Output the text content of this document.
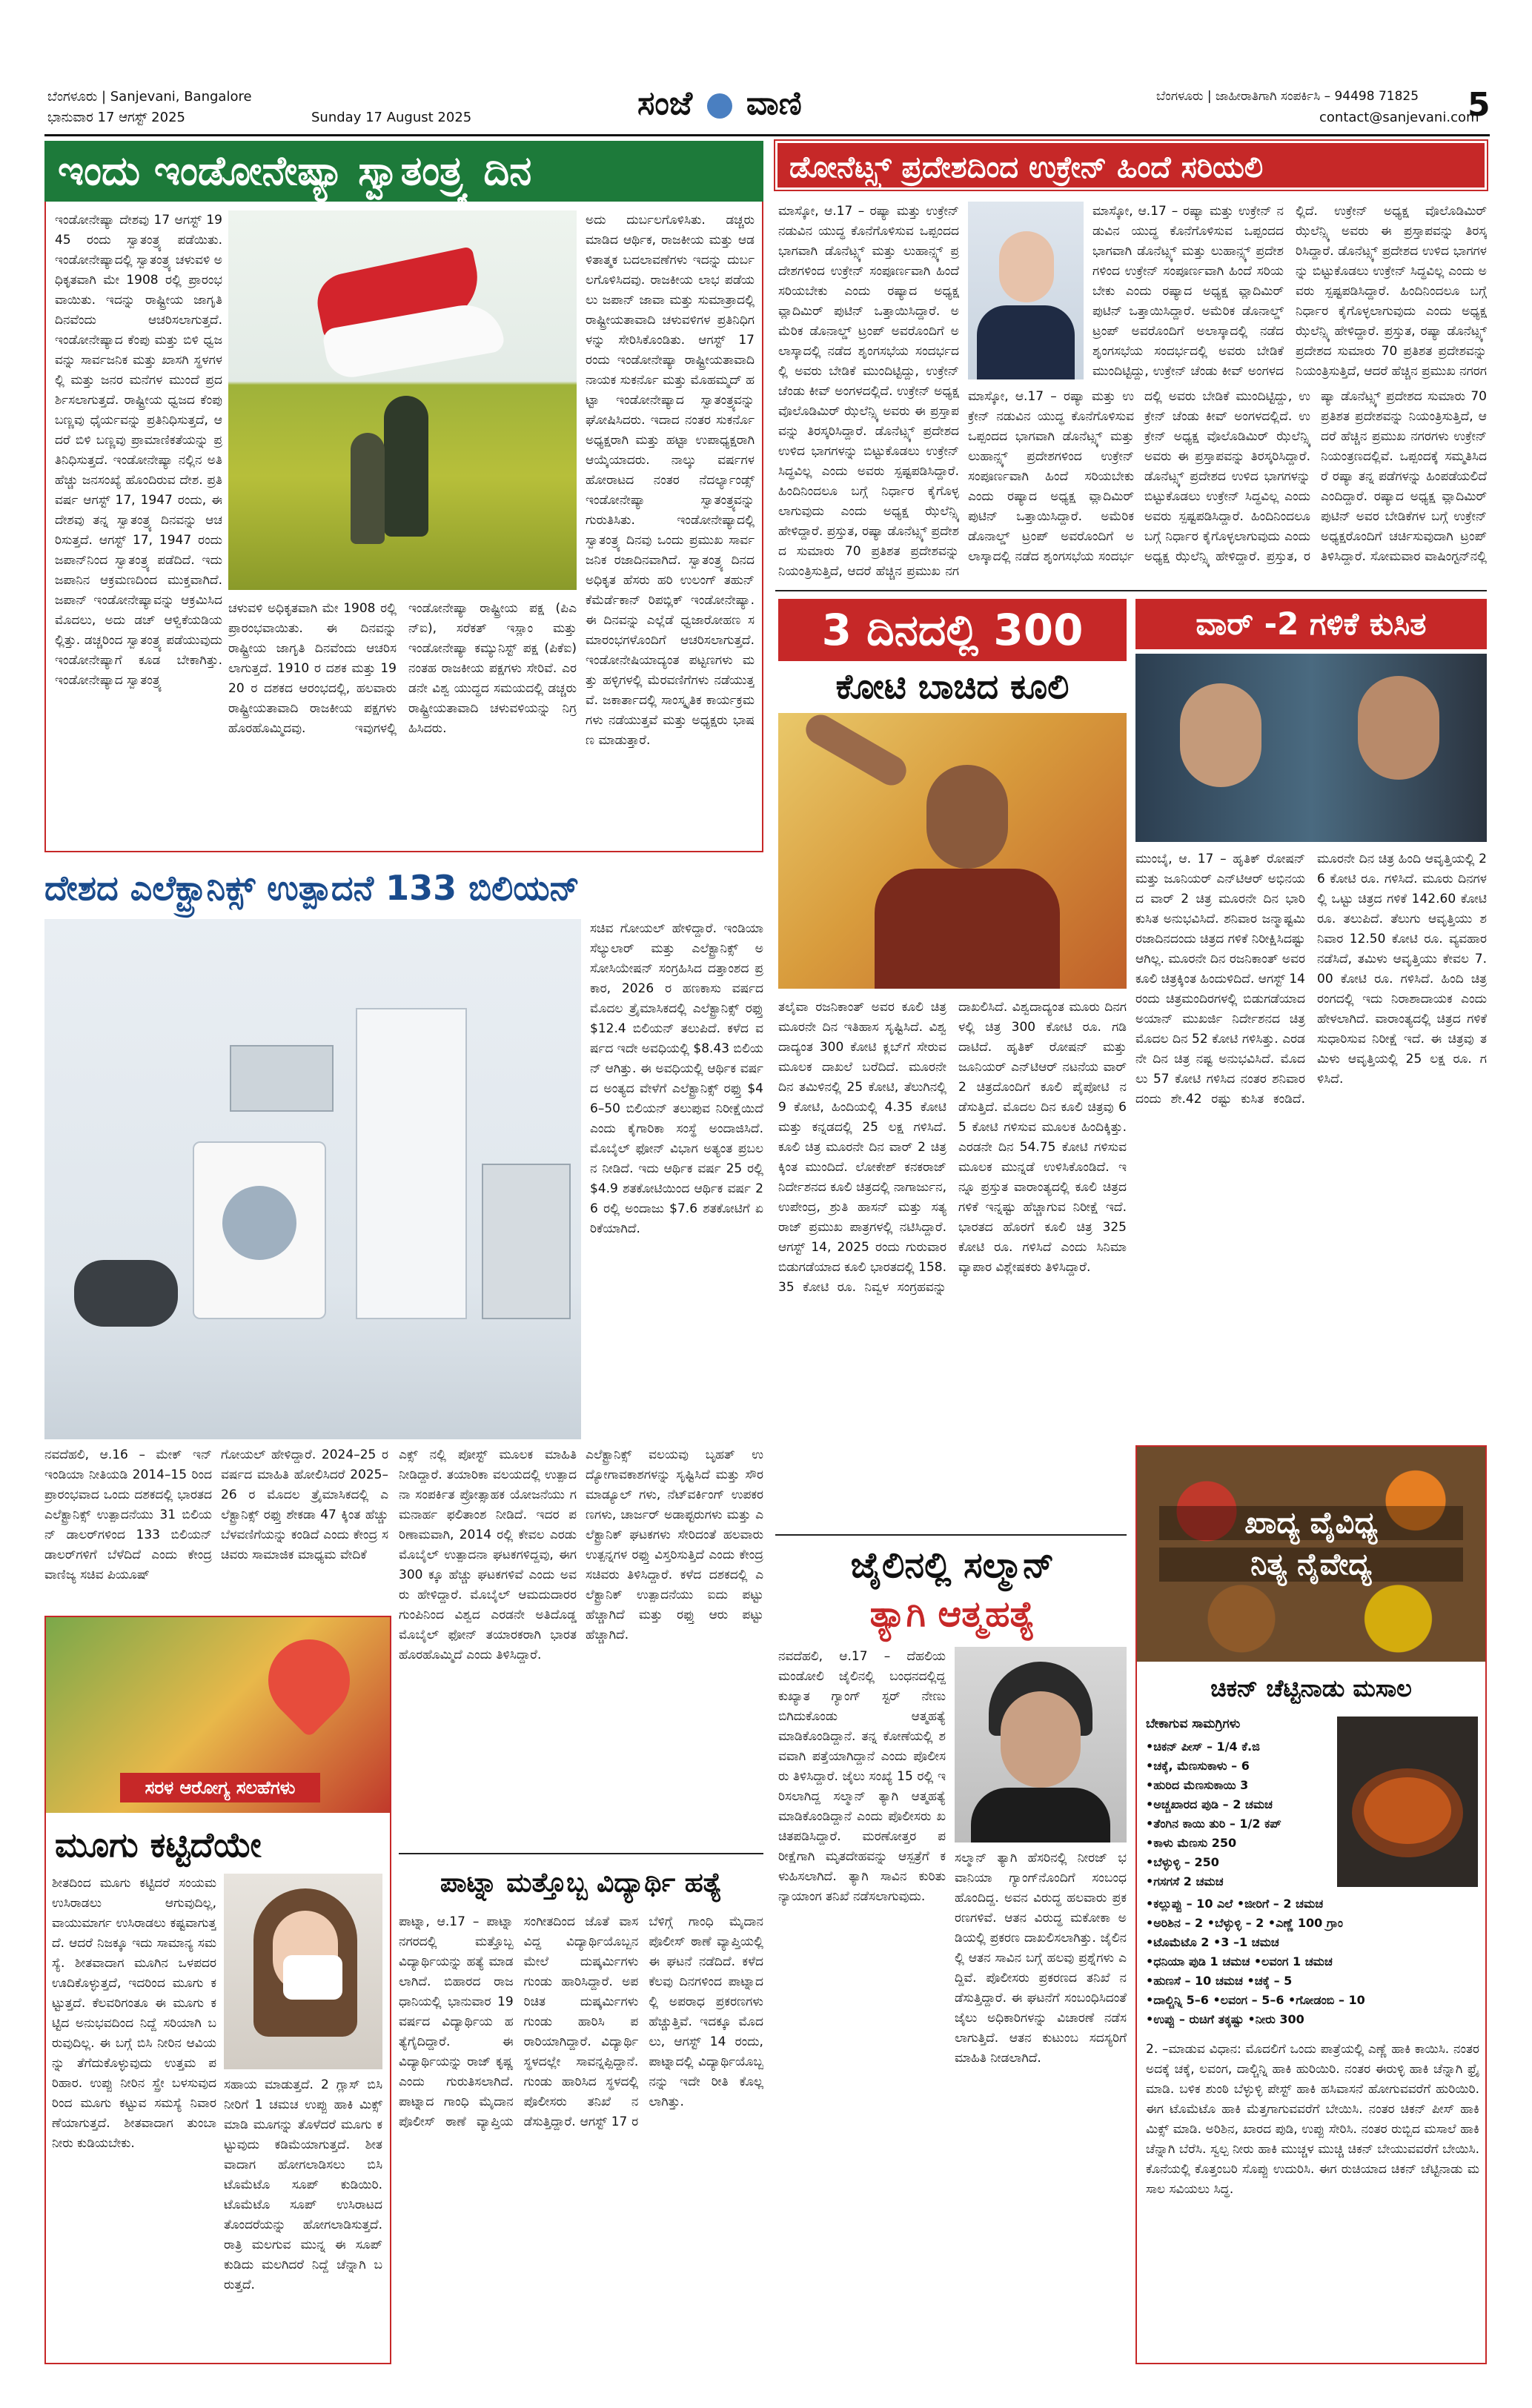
ಬೆಂಗಳೂರು | Sanjevani, Bangalore
ಭಾನುವಾರ 17 ಆಗಸ್ಟ್ 2025	Sunday 17 August 2025	ಸಂಜೆ ವಾಣಿ	ಬೆಂಗಳೂರು | ಜಾಹೀರಾತಿಗಾಗಿ ಸಂಪರ್ಕಿಸಿ – 94498 71825
contact@sanjevani.com
5
ಇಂದು ಇಂಡೋನೇಷ್ಯಾ ಸ್ವಾತಂತ್ರ್ಯ ದಿನ
ಇಂಡೋನೇಷ್ಯಾ ದೇಶವು 17 ಆಗಸ್ಟ್ 1945 ರಂದು ಸ್ವಾತಂತ್ರ್ಯ ಪಡೆಯಿತು. ಇಂಡೋನೇಷ್ಯಾದಲ್ಲಿ ಸ್ವಾತಂತ್ರ್ಯ ಚಳುವಳಿ ಅಧಿಕೃತವಾಗಿ ಮೇ 1908 ರಲ್ಲಿ ಪ್ರಾರಂಭವಾಯಿತು. ಇದನ್ನು ರಾಷ್ಟ್ರೀಯ ಜಾಗೃತಿ ದಿನವೆಂದು ಆಚರಿಸಲಾಗುತ್ತದೆ. ಇಂಡೋನೇಷ್ಯಾದ ಕೆಂಪು ಮತ್ತು ಬಿಳಿ ಧ್ವಜವನ್ನು ಸಾರ್ವಜನಿಕ ಮತ್ತು ಖಾಸಗಿ ಸ್ಥಳಗಳಲ್ಲಿ ಮತ್ತು ಜನರ ಮನೆಗಳ ಮುಂದೆ ಪ್ರದರ್ಶಿಸಲಾಗುತ್ತದೆ. ರಾಷ್ಟ್ರೀಯ ಧ್ವಜದ ಕೆಂಪು ಬಣ್ಣವು ಧೈರ್ಯವನ್ನು ಪ್ರತಿನಿಧಿಸುತ್ತದೆ, ಆದರೆ ಬಿಳಿ ಬಣ್ಣವು ಪ್ರಾಮಾಣಿಕತೆಯನ್ನು ಪ್ರತಿನಿಧಿಸುತ್ತದೆ. ಇಂಡೋನೇಷ್ಯಾ ನಲ್ಲಿನ ಅತಿ ಹೆಚ್ಚು ಜನಸಂಖ್ಯೆ ಹೊಂದಿರುವ ದೇಶ. ಪ್ರತಿ ವರ್ಷ ಆಗಸ್ಟ್ 17, 1947 ರಂದು, ಈ ದೇಶವು ತನ್ನ ಸ್ವಾತಂತ್ರ್ಯ ದಿನವನ್ನು ಆಚರಿಸುತ್ತದೆ. ಆಗಸ್ಟ್ 17, 1947 ರಂದು ಜಪಾನ್‌ನಿಂದ ಸ್ವಾತಂತ್ರ್ಯ ಪಡೆದಿದೆ. ಇದು ಜಪಾನಿನ ಆಕ್ರಮಣದಿಂದ ಮುಕ್ತವಾಗಿದೆ. ಜಪಾನ್ ಇಂಡೋನೇಷ್ಯಾವನ್ನು ಆಕ್ರಮಿಸಿದ ಮೊದಲು, ಅದು ಡಚ್ ಆಳ್ವಿಕೆಯಡಿಯಲ್ಲಿತ್ತು. ಡಚ್ಚರಿಂದ ಸ್ವಾತಂತ್ರ್ಯ ಪಡೆಯುವುದು ಇಂಡೋನೇಷ್ಯಾಗೆ ಕೂಡ ಬೇಕಾಗಿತ್ತು. ಇಂಡೋನೇಷ್ಯಾದ ಸ್ವಾತಂತ್ರ್ಯ
ಚಳುವಳಿ ಅಧಿಕೃತವಾಗಿ ಮೇ 1908 ರಲ್ಲಿ ಪ್ರಾರಂಭವಾಯಿತು. ಈ ದಿನವನ್ನು ರಾಷ್ಟ್ರೀಯ ಜಾಗೃತಿ ದಿನವೆಂದು ಆಚರಿಸಲಾಗುತ್ತದೆ. 1910 ರ ದಶಕ ಮತ್ತು 1920 ರ ದಶಕದ ಆರಂಭದಲ್ಲಿ, ಹಲವಾರು ರಾಷ್ಟ್ರೀಯತಾವಾದಿ ರಾಜಕೀಯ ಪಕ್ಷಗಳು ಹೊರಹೊಮ್ಮಿದವು. ಇವುಗಳಲ್ಲಿ ಇಂಡೋನೇಷ್ಯಾ ರಾಷ್ಟ್ರೀಯ ಪಕ್ಷ (ಪಿಎನ್ಐ), ಸರೆಕತ್ ಇಸ್ಲಾಂ ಮತ್ತು ಇಂಡೋನೇಷ್ಯಾ ಕಮ್ಯುನಿಸ್ಟ್ ಪಕ್ಷ (ಪಿಕೆಐ) ನಂತಹ ರಾಜಕೀಯ ಪಕ್ಷಗಳು ಸೇರಿವೆ. ಎರಡನೇ ವಿಶ್ವ ಯುದ್ಧದ ಸಮಯದಲ್ಲಿ ಡಚ್ಚರು ರಾಷ್ಟ್ರೀಯತಾವಾದಿ ಚಳುವಳಿಯನ್ನು ನಿಗ್ರಹಿಸಿದರು.
ಅದು ದುರ್ಬಲಗೊಳಿಸಿತು. ಡಚ್ಚರು ಮಾಡಿದ ಆರ್ಥಿಕ, ರಾಜಕೀಯ ಮತ್ತು ಆಡಳಿತಾತ್ಮಕ ಬದಲಾವಣೆಗಳು ಇದನ್ನು ದುರ್ಬಲಗೊಳಿಸಿದವು. ರಾಜಕೀಯ ಲಾಭ ಪಡೆಯಲು ಜಪಾನ್ ಜಾವಾ ಮತ್ತು ಸುಮಾತ್ರಾದಲ್ಲಿ ರಾಷ್ಟ್ರೀಯತಾವಾದಿ ಚಳುವಳಿಗಳ ಪ್ರತಿನಿಧಿಗಳನ್ನು ಸೇರಿಸಿಕೊಂಡಿತು. ಆಗಸ್ಟ್ 17 ರಂದು ಇಂಡೋನೇಷ್ಯಾ ರಾಷ್ಟ್ರೀಯತಾವಾದಿ ನಾಯಕ ಸುಕರ್ನೊ ಮತ್ತು ಮೊಹಮ್ಮದ್ ಹಟ್ಟಾ ಇಂಡೋನೇಷ್ಯಾದ ಸ್ವಾತಂತ್ರ್ಯವನ್ನು ಘೋಷಿಸಿದರು. ಇದಾದ ನಂತರ ಸುಕರ್ನೊ ಅಧ್ಯಕ್ಷರಾಗಿ ಮತ್ತು ಹಟ್ಟಾ ಉಪಾಧ್ಯಕ್ಷರಾಗಿ ಆಯ್ಕೆಯಾದರು. ನಾಲ್ಕು ವರ್ಷಗಳ ಹೋರಾಟದ ನಂತರ ನೆದರ್ಲ್ಯಾಂಡ್ಸ್ ಇಂಡೋನೇಷ್ಯಾ ಸ್ವಾತಂತ್ರ್ಯವನ್ನು ಗುರುತಿಸಿತು. ಇಂಡೋನೇಷ್ಯಾದಲ್ಲಿ ಸ್ವಾತಂತ್ರ್ಯ ದಿನವು ಒಂದು ಪ್ರಮುಖ ಸಾರ್ವಜನಿಕ ರಜಾದಿನವಾಗಿದೆ. ಸ್ವಾತಂತ್ರ್ಯ ದಿನದ ಅಧಿಕೃತ ಹೆಸರು ಹರಿ ಉಲಂಗ್ ತಹುನ್ ಕೆಮೆರ್ಡೆಕಾನ್ ರಿಪಬ್ಲಿಕ್ ಇಂಡೋನೇಷ್ಯಾ. ಈ ದಿನವನ್ನು ಎಲ್ಲೆಡೆ ಧ್ವಜಾರೋಹಣ ಸಮಾರಂಭಗಳೊಂದಿಗೆ ಆಚರಿಸಲಾಗುತ್ತದೆ. ಇಂಡೋನೇಷಿಯಾದ್ಯಂತ ಪಟ್ಟಣಗಳು ಮತ್ತು ಹಳ್ಳಿಗಳಲ್ಲಿ ಮೆರವಣಿಗೆಗಳು ನಡೆಯುತ್ತವೆ. ಜಕಾರ್ತಾದಲ್ಲಿ ಸಾಂಸ್ಕೃತಿಕ ಕಾರ್ಯಕ್ರಮಗಳು ನಡೆಯುತ್ತವೆ ಮತ್ತು ಅಧ್ಯಕ್ಷರು ಭಾಷಣ ಮಾಡುತ್ತಾರೆ.
ಡೋನೆಟ್ಸ್ಕ್ ಪ್ರದೇಶದಿಂದ ಉಕ್ರೇನ್ ಹಿಂದೆ ಸರಿಯಲಿ
ಮಾಸ್ಕೋ, ಆ.17 – ರಷ್ಯಾ ಮತ್ತು ಉಕ್ರೇನ್ ನಡುವಿನ ಯುದ್ಧ ಕೊನೆಗೊಳಿಸುವ ಒಪ್ಪಂದದ ಭಾಗವಾಗಿ ಡೊನೆಟ್ಸ್ಕ್ ಮತ್ತು ಲುಹಾನ್ಸ್ಕ್ ಪ್ರದೇಶಗಳಿಂದ ಉಕ್ರೇನ್ ಸಂಪೂರ್ಣವಾಗಿ ಹಿಂದೆ ಸರಿಯಬೇಕು ಎಂದು ರಷ್ಯಾದ ಅಧ್ಯಕ್ಷ ವ್ಲಾದಿಮಿರ್ ಪುಟಿನ್ ಒತ್ತಾಯಿಸಿದ್ದಾರೆ. ಅಮೆರಿಕ ಡೊನಾಲ್ಡ್ ಟ್ರಂಪ್ ಅವರೊಂದಿಗೆ ಅಲಾಸ್ಕಾದಲ್ಲಿ ನಡೆದ ಶೃಂಗಸಭೆಯ ಸಂದರ್ಭದಲ್ಲಿ ಅವರು ಬೇಡಿಕೆ ಮುಂದಿಟ್ಟಿದ್ದು, ಉಕ್ರೇನ್ ಚೆಂಡು ಕೀವ್ ಅಂಗಳದಲ್ಲಿದೆ. ಉಕ್ರೇನ್ ಅಧ್ಯಕ್ಷ ವೊಲೊಡಿಮಿರ್ ಝೆಲೆನ್ಸ್ಕಿ ಅವರು ಈ ಪ್ರಸ್ತಾಪವನ್ನು ತಿರಸ್ಕರಿಸಿದ್ದಾರೆ. ಡೊನೆಟ್ಸ್ಕ್ ಪ್ರದೇಶದ ಉಳಿದ ಭಾಗಗಳನ್ನು ಬಿಟ್ಟುಕೊಡಲು ಉಕ್ರೇನ್ ಸಿದ್ಧವಿಲ್ಲ ಎಂದು ಅವರು ಸ್ಪಷ್ಟಪಡಿಸಿದ್ದಾರೆ. ಹಿಂದಿನಿಂದಲೂ ಬಗ್ಗೆ ನಿರ್ಧಾರ ಕೈಗೊಳ್ಳಲಾಗುವುದು ಎಂದು ಅಧ್ಯಕ್ಷ ಝೆಲೆನ್ಸ್ಕಿ ಹೇಳಿದ್ದಾರೆ. ಪ್ರಸ್ತುತ, ರಷ್ಯಾ ಡೊನೆಟ್ಸ್ಕ್ ಪ್ರದೇಶದ ಸುಮಾರು 70 ಪ್ರತಿಶತ ಪ್ರದೇಶವನ್ನು ನಿಯಂತ್ರಿಸುತ್ತಿದೆ, ಆದರೆ ಹೆಚ್ಚಿನ ಪ್ರಮುಖ ನಗ
ಮಾಸ್ಕೋ, ಆ.17 – ರಷ್ಯಾ ಮತ್ತು ಉಕ್ರೇನ್ ನಡುವಿನ ಯುದ್ಧ ಕೊನೆಗೊಳಿಸುವ ಒಪ್ಪಂದದ ಭಾಗವಾಗಿ ಡೊನೆಟ್ಸ್ಕ್ ಮತ್ತು ಲುಹಾನ್ಸ್ಕ್ ಪ್ರದೇಶಗಳಿಂದ ಉಕ್ರೇನ್ ಸಂಪೂರ್ಣವಾಗಿ ಹಿಂದೆ ಸರಿಯಬೇಕು ಎಂದು ರಷ್ಯಾದ ಅಧ್ಯಕ್ಷ ವ್ಲಾದಿಮಿರ್ ಪುಟಿನ್ ಒತ್ತಾಯಿಸಿದ್ದಾರೆ. ಅಮೆರಿಕ ಡೊನಾಲ್ಡ್ ಟ್ರಂಪ್ ಅವರೊಂದಿಗೆ ಅಲಾಸ್ಕಾದಲ್ಲಿ ನಡೆದ ಶೃಂಗಸಭೆಯ ಸಂದರ್ಭದಲ್ಲಿ ಅವರು ಬೇಡಿಕೆ ಮುಂದಿಟ್ಟಿದ್ದು, ಉಕ್ರೇನ್ ಚೆಂಡು ಕೀವ್ ಅಂಗಳದಲ್ಲಿದೆ. ಉಕ್ರೇನ್ ಅಧ್ಯಕ್ಷ ವೊಲೊಡಿಮಿರ್ ಝೆಲೆನ್ಸ್ಕಿ ಅವರು ಈ ಪ್ರಸ್ತಾಪವನ್ನು ತಿರಸ್ಕರಿಸಿದ್ದಾರೆ. ಡೊನೆಟ್ಸ್ಕ್ ಪ್ರದೇಶದ ಉಳಿದ ಭಾಗಗಳನ್ನು ಬಿಟ್ಟುಕೊಡಲು ಉಕ್ರೇನ್ ಸಿದ್ಧವಿಲ್ಲ ಎಂದು ಅವರು ಸ್ಪಷ್ಟಪಡಿಸಿದ್ದಾರೆ. ಹಿಂದಿನಿಂದಲೂ ಬಗ್ಗೆ ನಿರ್ಧಾರ ಕೈಗೊಳ್ಳಲಾಗುವುದು ಎಂದು ಅಧ್ಯಕ್ಷ ಝೆಲೆನ್ಸ್ಕಿ ಹೇಳಿದ್ದಾರೆ. ಪ್ರಸ್ತುತ, ರಷ್ಯಾ ಡೊನೆಟ್ಸ್ಕ್ ಪ್ರದೇಶದ ಸುಮಾರು 70 ಪ್ರತಿಶತ ಪ್ರದೇಶವನ್ನು ನಿಯಂತ್ರಿಸುತ್ತಿದೆ, ಆದರೆ ಹೆಚ್ಚಿನ ಪ್ರಮುಖ ನಗರಗಳು ಉಕ್ರೇನ್ ನಿಯಂತ್ರಣದಲ್ಲಿವೆ. ಒಪ್ಪಂದಕ್ಕೆ ಸಮ್ಮತಿಸಿದರೆ ರಷ್ಯಾ ತನ್ನ ಪಡೆಗಳನ್ನು ಹಿಂಪಡೆಯಲಿದೆ ಎಂದಿದ್ದಾರೆ. ರಷ್ಯಾದ ಅಧ್ಯಕ್ಷ ವ್ಲಾದಿಮಿರ್ ಪುಟಿನ್ ಅವರ ಬೇಡಿಕೆಗಳ ಬಗ್ಗೆ ಉಕ್ರೇನ್ ಅಧ್ಯಕ್ಷರೊಂದಿಗೆ ಚರ್ಚಿಸುವುದಾಗಿ ಟ್ರಂಪ್ ತಿಳಿಸಿದ್ದಾರೆ. ಸೋಮವಾರ ವಾಷಿಂಗ್ಟನ್‌ನಲ್ಲಿ
ಮಾಸ್ಕೋ, ಆ.17 – ರಷ್ಯಾ ಮತ್ತು ಉಕ್ರೇನ್ ನಡುವಿನ ಯುದ್ಧ ಕೊನೆಗೊಳಿಸುವ ಒಪ್ಪಂದದ ಭಾಗವಾಗಿ ಡೊನೆಟ್ಸ್ಕ್ ಮತ್ತು ಲುಹಾನ್ಸ್ಕ್ ಪ್ರದೇಶಗಳಿಂದ ಉಕ್ರೇನ್ ಸಂಪೂರ್ಣವಾಗಿ ಹಿಂದೆ ಸರಿಯಬೇಕು ಎಂದು ರಷ್ಯಾದ ಅಧ್ಯಕ್ಷ ವ್ಲಾದಿಮಿರ್ ಪುಟಿನ್ ಒತ್ತಾಯಿಸಿದ್ದಾರೆ. ಅಮೆರಿಕ ಡೊನಾಲ್ಡ್ ಟ್ರಂಪ್ ಅವರೊಂದಿಗೆ ಅಲಾಸ್ಕಾದಲ್ಲಿ ನಡೆದ ಶೃಂಗಸಭೆಯ ಸಂದರ್ಭದಲ್ಲಿ ಅವರು ಬೇಡಿಕೆ ಮುಂದಿಟ್ಟಿದ್ದು, ಉಕ್ರೇನ್ ಚೆಂಡು ಕೀವ್ ಅಂಗಳದಲ್ಲಿದೆ. ಉಕ್ರೇನ್ ಅಧ್ಯಕ್ಷ ವೊಲೊಡಿಮಿರ್ ಝೆಲೆನ್ಸ್ಕಿ ಅವರು ಈ ಪ್ರಸ್ತಾಪವನ್ನು ತಿರಸ್ಕರಿಸಿದ್ದಾರೆ. ಡೊನೆಟ್ಸ್ಕ್ ಪ್ರದೇಶದ ಉಳಿದ ಭಾಗಗಳನ್ನು ಬಿಟ್ಟುಕೊಡಲು ಉಕ್ರೇನ್ ಸಿದ್ಧವಿಲ್ಲ ಎಂದು ಅವರು ಸ್ಪಷ್ಟಪಡಿಸಿದ್ದಾರೆ. ಹಿಂದಿನಿಂದಲೂ ಬಗ್ಗೆ ನಿರ್ಧಾರ ಕೈಗೊಳ್ಳಲಾಗುವುದು ಎಂದು ಅಧ್ಯಕ್ಷ ಝೆಲೆನ್ಸ್ಕಿ ಹೇಳಿದ್ದಾರೆ. ಪ್ರಸ್ತುತ, ರಷ್ಯಾ ಡೊನೆಟ್ಸ್ಕ್ ಪ್ರದೇಶದ ಸುಮಾರು 70 ಪ್ರತಿಶತ ಪ್ರದೇಶವನ್ನು ನಿಯಂತ್ರಿಸುತ್ತಿದೆ, ಆದರೆ ಹೆಚ್ಚಿನ ಪ್ರಮುಖ ನಗರಗ
3 ದಿನದಲ್ಲಿ 300
ಕೋಟಿ ಬಾಚಿದ ಕೂಲಿ
ತಲೈವಾ ರಜನಿಕಾಂತ್ ಅವರ ಕೂಲಿ ಚಿತ್ರ ಮೂರನೇ ದಿನ ಇತಿಹಾಸ ಸೃಷ್ಟಿಸಿದೆ. ವಿಶ್ವದಾದ್ಯಂತ 300 ಕೋಟಿ ಕ್ಲಬ್‌ಗೆ ಸೇರುವ ಮೂಲಕ ದಾಖಲೆ ಬರೆದಿದೆ. ಮೂರನೇ ದಿನ ತಮಿಳಿನಲ್ಲಿ 25 ಕೋಟಿ, ತೆಲುಗಿನಲ್ಲಿ 9 ಕೋಟಿ, ಹಿಂದಿಯಲ್ಲಿ 4.35 ಕೋಟಿ ಮತ್ತು ಕನ್ನಡದಲ್ಲಿ 25 ಲಕ್ಷ ಗಳಿಸಿದೆ. ಕೂಲಿ ಚಿತ್ರ ಮೂರನೇ ದಿನ ವಾರ್ 2 ಚಿತ್ರಕ್ಕಿಂತ ಮುಂದಿದೆ. ಲೋಕೇಶ್ ಕನಕರಾಜ್ ನಿರ್ದೇಶನದ ಕೂಲಿ ಚಿತ್ರದಲ್ಲಿ ನಾಗಾರ್ಜುನ, ಉಪೇಂದ್ರ, ಶ್ರುತಿ ಹಾಸನ್ ಮತ್ತು ಸತ್ಯರಾಜ್ ಪ್ರಮುಖ ಪಾತ್ರಗಳಲ್ಲಿ ನಟಿಸಿದ್ದಾರೆ. ಆಗಸ್ಟ್ 14, 2025 ರಂದು ಗುರುವಾರ ಬಿಡುಗಡೆಯಾದ ಕೂಲಿ ಭಾರತದಲ್ಲಿ 158.35 ಕೋಟಿ ರೂ. ನಿವ್ವಳ ಸಂಗ್ರಹವನ್ನು ದಾಖಲಿಸಿದೆ. ವಿಶ್ವದಾದ್ಯಂತ ಮೂರು ದಿನಗಳಲ್ಲಿ ಚಿತ್ರ 300 ಕೋಟಿ ರೂ. ಗಡಿ ದಾಟಿದೆ. ಹೃತಿಕ್ ರೋಷನ್ ಮತ್ತು ಜೂನಿಯರ್ ಎನ್‌ಟಿಆರ್ ನಟನೆಯ ವಾರ್ 2 ಚಿತ್ರದೊಂದಿಗೆ ಕೂಲಿ ಪೈಪೋಟಿ ನಡೆಸುತ್ತಿದೆ. ಮೊದಲ ದಿನ ಕೂಲಿ ಚಿತ್ರವು 65 ಕೋಟಿ ಗಳಿಸುವ ಮೂಲಕ ಹಿಂದಿಕ್ಕಿತ್ತು. ಎರಡನೇ ದಿನ 54.75 ಕೋಟಿ ಗಳಿಸುವ ಮೂಲಕ ಮುನ್ನಡೆ ಉಳಿಸಿಕೊಂಡಿದೆ. ಇನ್ನೂ ಪ್ರಸ್ತುತ ವಾರಾಂತ್ಯದಲ್ಲಿ ಕೂಲಿ ಚಿತ್ರದ ಗಳಿಕೆ ಇನ್ನಷ್ಟು ಹೆಚ್ಚಾಗುವ ನಿರೀಕ್ಷೆ ಇದೆ. ಭಾರತದ ಹೊರಗೆ ಕೂಲಿ ಚಿತ್ರ 325 ಕೋಟಿ ರೂ. ಗಳಿಸಿದೆ ಎಂದು ಸಿನಿಮಾ ವ್ಯಾಪಾರ ವಿಶ್ಲೇಷಕರು ತಿಳಿಸಿದ್ದಾರೆ.
ವಾರ್ -2 ಗಳಿಕೆ ಕುಸಿತ
ಮುಂಬೈ, ಆ. 17 – ಹೃತಿಕ್ ರೋಷನ್ ಮತ್ತು ಜೂನಿಯರ್ ಎನ್‌ಟಿಆರ್ ಅಭಿನಯದ ವಾರ್ 2 ಚಿತ್ರ ಮೂರನೇ ದಿನ ಭಾರಿ ಕುಸಿತ ಅನುಭವಿಸಿದೆ. ಶನಿವಾರ ಜನ್ಮಾಷ್ಟಮಿ ರಜಾದಿನದಂದು ಚಿತ್ರದ ಗಳಿಕೆ ನಿರೀಕ್ಷಿಸಿದಷ್ಟು ಆಗಿಲ್ಲ. ಮೂರನೇ ದಿನ ರಜನಿಕಾಂತ್ ಅವರ ಕೂಲಿ ಚಿತ್ರಕ್ಕಿಂತ ಹಿಂದುಳಿದಿದೆ. ಆಗಸ್ಟ್ 14 ರಂದು ಚಿತ್ರಮಂದಿರಗಳಲ್ಲಿ ಬಿಡುಗಡೆಯಾದ ಅಯಾನ್ ಮುಖರ್ಜಿ ನಿರ್ದೇಶನದ ಚಿತ್ರ ಮೊದಲ ದಿನ 52 ಕೋಟಿ ಗಳಿಸಿತ್ತು. ಎರಡನೇ ದಿನ ಚಿತ್ರ ನಷ್ಟ ಅನುಭವಿಸಿದೆ. ಮೊದಲು 57 ಕೋಟಿ ಗಳಿಸಿದ ನಂತರ ಶನಿವಾರದಂದು ಶೇ.42 ರಷ್ಟು ಕುಸಿತ ಕಂಡಿದೆ. ಮೂರನೇ ದಿನ ಚಿತ್ರ ಹಿಂದಿ ಆವೃತ್ತಿಯಲ್ಲಿ 26 ಕೋಟಿ ರೂ. ಗಳಿಸಿದೆ. ಮೂರು ದಿನಗಳಲ್ಲಿ ಒಟ್ಟು ಚಿತ್ರದ ಗಳಿಕೆ 142.60 ಕೋಟಿ ರೂ. ತಲುಪಿದೆ. ತೆಲುಗು ಆವೃತ್ತಿಯು ಶನಿವಾರ 12.50 ಕೋಟಿ ರೂ. ವ್ಯವಹಾರ ನಡೆಸಿದೆ, ತಮಿಳು ಆವೃತ್ತಿಯು ಕೇವಲ 7.00 ಕೋಟಿ ರೂ. ಗಳಿಸಿದೆ. ಹಿಂದಿ ಚಿತ್ರರಂಗದಲ್ಲಿ ಇದು ನಿರಾಶಾದಾಯಕ ಎಂದು ಹೇಳಲಾಗಿದೆ. ವಾರಾಂತ್ಯದಲ್ಲಿ ಚಿತ್ರದ ಗಳಿಕೆ ಸುಧಾರಿಸುವ ನಿರೀಕ್ಷೆ ಇದೆ. ಈ ಚಿತ್ರವು ತಮಿಳು ಆವೃತ್ತಿಯಲ್ಲಿ 25 ಲಕ್ಷ ರೂ. ಗಳಿಸಿದೆ.
ದೇಶದ ಎಲೆಕ್ಟ್ರಾನಿಕ್ಸ್ ಉತ್ಪಾದನೆ 133 ಬಿಲಿಯನ್
ಸಚಿವ ಗೋಯಲ್ ಹೇಳಿದ್ದಾರೆ. ಇಂಡಿಯಾ ಸೆಲ್ಯುಲಾರ್ ಮತ್ತು ಎಲೆಕ್ಟ್ರಾನಿಕ್ಸ್ ಅಸೋಸಿಯೇಷನ್ ಸಂಗ್ರಹಿಸಿದ ದತ್ತಾಂಶದ ಪ್ರಕಾರ, 2026 ರ ಹಣಕಾಸು ವರ್ಷದ ಮೊದಲ ತ್ರೈಮಾಸಿಕದಲ್ಲಿ ಎಲೆಕ್ಟ್ರಾನಿಕ್ಸ್ ರಫ್ತು $12.4 ಬಿಲಿಯನ್ ತಲುಪಿದೆ. ಕಳೆದ ವರ್ಷದ ಇದೇ ಅವಧಿಯಲ್ಲಿ $8.43 ಬಿಲಿಯನ್ ಆಗಿತ್ತು. ಈ ಅವಧಿಯಲ್ಲಿ ಆರ್ಥಿಕ ವರ್ಷದ ಅಂತ್ಯದ ವೇಳೆಗೆ ಎಲೆಕ್ಟ್ರಾನಿಕ್ಸ್ ರಫ್ತು $46–50 ಬಿಲಿಯನ್ ತಲುಪುವ ನಿರೀಕ್ಷೆಯಿದೆ ಎಂದು ಕೈಗಾರಿಕಾ ಸಂಸ್ಥೆ ಅಂದಾಜಿಸಿದೆ. ಮೊಬೈಲ್ ಫೋನ್ ವಿಭಾಗ ಅತ್ಯಂತ ಪ್ರಬಲನ ನೀಡಿದೆ. ಇದು ಆರ್ಥಿಕ ವರ್ಷ 25 ರಲ್ಲಿ $4.9 ಶತಕೋಟಿಯಿಂದ ಆರ್ಥಿಕ ವರ್ಷ 26 ರಲ್ಲಿ ಅಂದಾಜು $7.6 ಶತಕೋಟಿಗೆ ಏರಿಕೆಯಾಗಿದೆ.
ನವದೆಹಲಿ, ಆ.16 – ಮೇಕ್ ಇನ್ ಇಂಡಿಯಾ ನೀತಿಯಡಿ 2014–15 ರಿಂದ ಪ್ರಾರಂಭವಾದ ಒಂದು ದಶಕದಲ್ಲಿ ಭಾರತದ ಎಲೆಕ್ಟ್ರಾನಿಕ್ಸ್ ಉತ್ಪಾದನೆಯು 31 ಬಿಲಿಯನ್ ಡಾಲರ್‌ಗಳಿಂದ 133 ಬಿಲಿಯನ್ ಡಾಲರ್‌ಗಳಿಗೆ ಬೆಳೆದಿದೆ ಎಂದು ಕೇಂದ್ರ ವಾಣಿಜ್ಯ ಸಚಿವ ಪಿಯೂಷ್
ಗೋಯಲ್ ಹೇಳಿದ್ದಾರೆ. 2024–25 ರ ವರ್ಷದ ಮಾಹಿತಿ ಹೋಲಿಸಿದರೆ 2025–26 ರ ಮೊದಲ ತ್ರೈಮಾಸಿಕದಲ್ಲಿ ಎಲೆಕ್ಟ್ರಾನಿಕ್ಸ್ ರಫ್ತು ಶೇಕಡಾ 47 ಕ್ಕಿಂತ ಹೆಚ್ಚು ಬೆಳವಣಿಗೆಯನ್ನು ಕಂಡಿದೆ ಎಂದು ಕೇಂದ್ರ ಸಚಿವರು ಸಾಮಾಜಿಕ ಮಾಧ್ಯಮ ವೇದಿಕೆ
ಎಕ್ಸ್ ನಲ್ಲಿ ಪೋಸ್ಟ್ ಮೂಲಕ ಮಾಹಿತಿ ನೀಡಿದ್ದಾರೆ. ತಯಾರಿಕಾ ವಲಯದಲ್ಲಿ ಉತ್ಪಾದನಾ ಸಂಪರ್ಕಿತ ಪ್ರೋತ್ಸಾಹಕ ಯೋಜನೆಯು ಗಮನಾರ್ಹ ಫಲಿತಾಂಶ ನೀಡಿದೆ. ಇದರ ಪರಿಣಾಮವಾಗಿ, 2014 ರಲ್ಲಿ ಕೇವಲ ಎರಡು ಮೊಬೈಲ್ ಉತ್ಪಾದನಾ ಘಟಕಗಳಿದ್ದವು, ಈಗ 300 ಕ್ಕೂ ಹೆಚ್ಚು ಘಟಕಗಳಿವೆ ಎಂದು ಅವರು ಹೇಳಿದ್ದಾರೆ. ಮೊಬೈಲ್ ಆಮದುದಾರರ ಗುಂಪಿನಿಂದ ವಿಶ್ವದ ಎರಡನೇ ಅತಿದೊಡ್ಡ ಮೊಬೈಲ್ ಫೋನ್ ತಯಾರಕರಾಗಿ ಭಾರತ ಹೊರಹೊಮ್ಮಿದೆ ಎಂದು ತಿಳಿಸಿದ್ದಾರೆ.
ಎಲೆಕ್ಟ್ರಾನಿಕ್ಸ್ ವಲಯವು ಬೃಹತ್ ಉದ್ಯೋಗಾವಕಾಶಗಳನ್ನು ಸೃಷ್ಟಿಸಿದೆ ಮತ್ತು ಸೌರ ಮಾಡ್ಯೂಲ್ ಗಳು, ನೆಟ್‌ವರ್ಕಿಂಗ್ ಉಪಕರಣಗಳು, ಚಾರ್ಜರ್ ಅಡಾಪ್ಟರುಗಳು ಮತ್ತು ಎಲೆಕ್ಟ್ರಾನಿಕ್ ಘಟಕಗಳು ಸೇರಿದಂತೆ ಹಲವಾರು ಉತ್ಪನ್ನಗಳ ರಫ್ತು ವಿಸ್ತರಿಸುತ್ತಿದೆ ಎಂದು ಕೇಂದ್ರ ಸಚಿವರು ತಿಳಿಸಿದ್ದಾರೆ. ಕಳೆದ ದಶಕದಲ್ಲಿ ಎಲೆಕ್ಟ್ರಾನಿಕ್ ಉತ್ಪಾದನೆಯು ಐದು ಪಟ್ಟು ಹೆಚ್ಚಾಗಿದೆ ಮತ್ತು ರಫ್ತು ಆರು ಪಟ್ಟು ಹೆಚ್ಚಾಗಿದೆ.
ಸರಳ ಆರೋಗ್ಯ ಸಲಹೆಗಳು
ಮೂಗು ಕಟ್ಟಿದೆಯೇ
ಶೀತದಿಂದ ಮೂಗು ಕಟ್ಟಿದರೆ ಸಂಯಮ ಉಸಿರಾಡಲು ಆಗುವುದಿಲ್ಲ, ವಾಯುಮಾರ್ಗ ಉಸಿರಾಡಲು ಕಷ್ಟವಾಗುತ್ತದೆ. ಆದರೆ ನಿಜಕ್ಕೂ ಇದು ಸಾಮಾನ್ಯ ಸಮಸ್ಯೆ. ಶೀತವಾದಾಗ ಮೂಗಿನ ಒಳಪದರ ಊದಿಕೊಳ್ಳುತ್ತದೆ, ಇದರಿಂದ ಮೂಗು ಕಟ್ಟುತ್ತದೆ. ಕೆಲವರಿಗಂತೂ ಈ ಮೂಗು ಕಟ್ಟಿದ ಅನುಭವದಿಂದ ನಿದ್ದೆ ಸರಿಯಾಗಿ ಬರುವುದಿಲ್ಲ. ಈ ಬಗ್ಗೆ ಬಿಸಿ ನೀರಿನ ಆವಿಯನ್ನು ತೆಗೆದುಕೊಳ್ಳುವುದು ಉತ್ತಮ ಪರಿಹಾರ. ಉಪ್ಪು ನೀರಿನ ಸ್ಪ್ರೇ ಬಳಸುವುದರಿಂದ ಮೂಗು ಕಟ್ಟುವ ಸಮಸ್ಯೆ ನಿವಾರಣೆಯಾಗುತ್ತದೆ. ಶೀತವಾದಾಗ ತುಂಬಾ ನೀರು ಕುಡಿಯಬೇಕು.
ಸಹಾಯ ಮಾಡುತ್ತದೆ. 2 ಗ್ಲಾಸ್ ಬಿಸಿ ನೀರಿಗೆ 1 ಚಮಚ ಉಪ್ಪು ಹಾಕಿ ಮಿಕ್ಸ್ ಮಾಡಿ ಮೂಗನ್ನು ತೊಳೆದರೆ ಮೂಗು ಕಟ್ಟುವುದು ಕಡಿಮೆಯಾಗುತ್ತದೆ. ಶೀತವಾದಾಗ ಹೋಗಲಾಡಿಸಲು ಬಿಸಿ ಟೊಮೆಟೊ ಸೂಪ್ ಕುಡಿಯಿರಿ. ಟೊಮೆಟೊ ಸೂಪ್ ಉಸಿರಾಟದ ತೊಂದರೆಯನ್ನು ಹೋಗಲಾಡಿಸುತ್ತದೆ. ರಾತ್ರಿ ಮಲಗುವ ಮುನ್ನ ಈ ಸೂಪ್ ಕುಡಿದು ಮಲಗಿದರೆ ನಿದ್ದೆ ಚೆನ್ನಾಗಿ ಬರುತ್ತದೆ.
ಪಾಟ್ನಾ ಮತ್ತೊಬ್ಬ ವಿದ್ಯಾರ್ಥಿ ಹತ್ಯೆ
ಪಾಟ್ನಾ, ಆ.17 – ಪಾಟ್ನಾ ನಗರದಲ್ಲಿ ಮತ್ತೊಬ್ಬ ವಿದ್ಯಾರ್ಥಿಯನ್ನು ಹತ್ಯೆ ಮಾಡಲಾಗಿದೆ. ಬಿಹಾರದ ರಾಜಧಾನಿಯಲ್ಲಿ ಭಾನುವಾರ 19 ವರ್ಷದ ವಿದ್ಯಾರ್ಥಿಯ ಹತ್ಯೆಗೈದಿದ್ದಾರೆ. ಈ ವಿದ್ಯಾರ್ಥಿಯನ್ನು ರಾಜ್ ಕೃಷ್ಣ ಎಂದು ಗುರುತಿಸಲಾಗಿದೆ. ಪಾಟ್ನಾದ ಗಾಂಧಿ ಮೈದಾನ ಪೊಲೀಸ್ ಠಾಣೆ ವ್ಯಾಪ್ತಿಯ ಸಂಗೀತದಿಂದ ಜೊತೆ ವಾಸವಿದ್ದ ವಿದ್ಯಾರ್ಥಿಯೊಬ್ಬನ ಮೇಲೆ ದುಷ್ಕರ್ಮಿಗಳು ಗುಂಡು ಹಾರಿಸಿದ್ದಾರೆ. ಅಪರಿಚಿತ ದುಷ್ಕರ್ಮಿಗಳು ಗುಂಡು ಹಾರಿಸಿ ಪರಾರಿಯಾಗಿದ್ದಾರೆ. ವಿದ್ಯಾರ್ಥಿ ಸ್ಥಳದಲ್ಲೇ ಸಾವನ್ನಪ್ಪಿದ್ದಾನೆ. ಗುಂಡು ಹಾರಿಸಿದ ಸ್ಥಳದಲ್ಲಿ ಪೊಲೀಸರು ತನಿಖೆ ನಡೆಸುತ್ತಿದ್ದಾರೆ. ಆಗಸ್ಟ್ 17 ರ ಬೆಳಿಗ್ಗೆ ಗಾಂಧಿ ಮೈದಾನ ಪೊಲೀಸ್ ಠಾಣೆ ವ್ಯಾಪ್ತಿಯಲ್ಲಿ ಈ ಘಟನೆ ನಡೆದಿದೆ. ಕಳೆದ ಕೆಲವು ದಿನಗಳಿಂದ ಪಾಟ್ನಾದಲ್ಲಿ ಅಪರಾಧ ಪ್ರಕರಣಗಳು ಹೆಚ್ಚುತ್ತಿವೆ. ಇದಕ್ಕೂ ಮೊದಲು, ಆಗಸ್ಟ್ 14 ರಂದು, ಪಾಟ್ನಾದಲ್ಲಿ ವಿದ್ಯಾರ್ಥಿಯೊಬ್ಬನನ್ನು ಇದೇ ರೀತಿ ಕೊಲ್ಲಲಾಗಿತ್ತು.
ಜೈಲಿನಲ್ಲಿ ಸಲ್ಮಾನ್
ತ್ಯಾಗಿ ಆತ್ಮಹತ್ಯೆ
ನವದೆಹಲಿ, ಆ.17 – ದೆಹಲಿಯ ಮಂಡೋಲಿ ಜೈಲಿನಲ್ಲಿ ಬಂಧನದಲ್ಲಿದ್ದ ಕುಖ್ಯಾತ ಗ್ಯಾಂಗ್ ಸ್ಟರ್ ನೇಣು ಬಿಗಿದುಕೊಂಡು ಆತ್ಮಹತ್ಯೆ ಮಾಡಿಕೊಂಡಿದ್ದಾನೆ. ತನ್ನ ಕೋಣೆಯಲ್ಲಿ ಶವವಾಗಿ ಪತ್ತೆಯಾಗಿದ್ದಾನೆ ಎಂದು ಪೊಲೀಸರು ತಿಳಿಸಿದ್ದಾರೆ. ಜೈಲು ಸಂಖ್ಯೆ 15 ರಲ್ಲಿ ಇರಿಸಲಾಗಿದ್ದ ಸಲ್ಮಾನ್ ತ್ಯಾಗಿ ಆತ್ಮಹತ್ಯೆ ಮಾಡಿಕೊಂಡಿದ್ದಾನೆ ಎಂದು ಪೊಲೀಸರು ಖಚಿತಪಡಿಸಿದ್ದಾರೆ. ಮರಣೋತ್ತರ ಪರೀಕ್ಷೆಗಾಗಿ ಮೃತದೇಹವನ್ನು ಆಸ್ಪತ್ರೆಗೆ ಕಳುಹಿಸಲಾಗಿದೆ. ತ್ಯಾಗಿ ಸಾವಿನ ಕುರಿತು ನ್ಯಾಯಾಂಗ ತನಿಖೆ ನಡೆಸಲಾಗುವುದು.
ಸಲ್ಮಾನ್ ತ್ಯಾಗಿ ಹೆಸರಿನಲ್ಲಿ ನೀರಜ್ ಭವಾನಿಯಾ ಗ್ಯಾಂಗ್‌ನೊಂದಿಗೆ ಸಂಬಂಧ ಹೊಂದಿದ್ದ. ಅವನ ವಿರುದ್ಧ ಹಲವಾರು ಪ್ರಕರಣಗಳಿವೆ. ಆತನ ವಿರುದ್ಧ ಮಕೋಕಾ ಅಡಿಯಲ್ಲಿ ಪ್ರಕರಣ ದಾಖಲಿಸಲಾಗಿತ್ತು. ಜೈಲಿನಲ್ಲಿ ಆತನ ಸಾವಿನ ಬಗ್ಗೆ ಹಲವು ಪ್ರಶ್ನೆಗಳು ಎದ್ದಿವೆ. ಪೊಲೀಸರು ಪ್ರಕರಣದ ತನಿಖೆ ನಡೆಸುತ್ತಿದ್ದಾರೆ. ಈ ಘಟನೆಗೆ ಸಂಬಂಧಿಸಿದಂತೆ ಜೈಲು ಅಧಿಕಾರಿಗಳನ್ನು ವಿಚಾರಣೆ ನಡೆಸಲಾಗುತ್ತಿದೆ. ಆತನ ಕುಟುಂಬ ಸದಸ್ಯರಿಗೆ ಮಾಹಿತಿ ನೀಡಲಾಗಿದೆ.
ಖಾದ್ಯ ವೈವಿಧ್ಯ
ನಿತ್ಯ ನೈವೇದ್ಯ
ಚಿಕನ್ ಚೆಟ್ಟಿನಾಡು ಮಸಾಲ
ಬೇಕಾಗುವ ಸಾಮಗ್ರಿಗಳು
•ಚಿಕನ್ ಪೀಸ್ – 1/4 ಕೆ.ಜಿ
•ಚಕ್ಕೆ, ಮೆಣಸುಕಾಳು – 6
•ಹುರಿದ ಮೆಣಸುಕಾಯಿ 3
•ಅಚ್ಚಖಾರದ ಪುಡಿ – 2 ಚಮಚ
•ತೆಂಗಿನ ಕಾಯಿ ತುರಿ – 1/2 ಕಪ್
•ಕಾಳು ಮೆಣಸು 250
•ಬೆಳ್ಳುಳ್ಳಿ – 250
•ಗಸಗಸೆ 2 ಚಮಚ
•ಕಲ್ಲುಪ್ಪು – 10 ಎಲೆ •ಜೀರಿಗೆ – 2 ಚಮಚ
•ಅರಿಶಿನ – 2 •ಬೆಳ್ಳುಳ್ಳಿ – 2 •ಎಣ್ಣೆ 100 ಗ್ರಾಂ
•ಟೊಮೆಟೊ 2 •3 –1 ಚಮಚ
•ಧನಿಯಾ ಪುಡಿ 1 ಚಮಚ •ಲವಂಗ 1 ಚಮಚ
•ಹುಣಸೆ – 10 ಚಮಚ •ಚಕ್ಕೆ – 5
•ದಾಲ್ಚಿನ್ನಿ 5–6 •ಲವಂಗ – 5–6 •ಗೋಡಂಬಿ – 10
•ಉಪ್ಪು – ರುಚಿಗೆ ತಕ್ಕಷ್ಟು •ನೀರು 300
2. –ಮಾಡುವ ವಿಧಾನ: ಮೊದಲಿಗೆ ಒಂದು ಪಾತ್ರೆಯಲ್ಲಿ ಎಣ್ಣೆ ಹಾಕಿ ಕಾಯಿಸಿ. ನಂತರ ಅದಕ್ಕೆ ಚಕ್ಕೆ, ಲವಂಗ, ದಾಲ್ಚಿನ್ನಿ ಹಾಕಿ ಹುರಿಯಿರಿ. ನಂತರ ಈರುಳ್ಳಿ ಹಾಕಿ ಚೆನ್ನಾಗಿ ಫ್ರೈ ಮಾಡಿ. ಬಳಿಕ ಶುಂಠಿ ಬೆಳ್ಳುಳ್ಳಿ ಪೇಸ್ಟ್ ಹಾಕಿ ಹಸಿವಾಸನೆ ಹೋಗುವವರೆಗೆ ಹುರಿಯಿರಿ. ಈಗ ಟೊಮೆಟೊ ಹಾಕಿ ಮೆತ್ತಗಾಗುವವರೆಗೆ ಬೇಯಿಸಿ. ನಂತರ ಚಿಕನ್ ಪೀಸ್ ಹಾಕಿ ಮಿಕ್ಸ್ ಮಾಡಿ. ಅರಿಶಿನ, ಖಾರದ ಪುಡಿ, ಉಪ್ಪು ಸೇರಿಸಿ. ನಂತರ ರುಬ್ಬಿದ ಮಸಾಲೆ ಹಾಕಿ ಚೆನ್ನಾಗಿ ಬೆರೆಸಿ. ಸ್ವಲ್ಪ ನೀರು ಹಾಕಿ ಮುಚ್ಚಳ ಮುಚ್ಚಿ ಚಿಕನ್ ಬೇಯುವವರೆಗೆ ಬೇಯಿಸಿ. ಕೊನೆಯಲ್ಲಿ ಕೊತ್ತಂಬರಿ ಸೊಪ್ಪು ಉದುರಿಸಿ. ಈಗ ರುಚಿಯಾದ ಚಿಕನ್ ಚೆಟ್ಟಿನಾಡು ಮಸಾಲ ಸವಿಯಲು ಸಿದ್ಧ.
